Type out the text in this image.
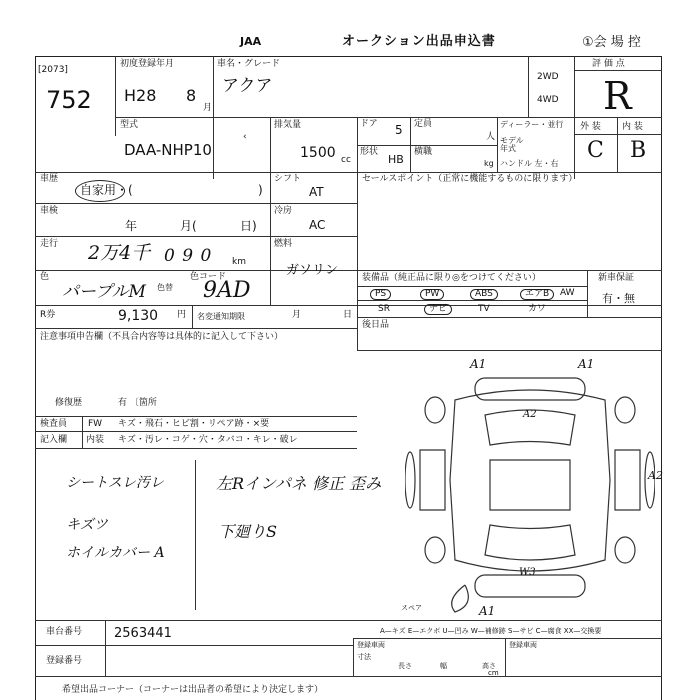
JAA	オークション出品申込書	①会 場 控
[2073]
752
初度登録年月
H28 8
月
車名・グレード
アクア	2WD
4WD
評 価 点
R
型式
DAA-NHP10
‹
排気量
1500 cc
ドア 5 定員
人
形状
HB
横職
kg
ディーラー・並行
モデル年式
ハンドル 左・右
外 装 内 装
C B
車歴
自家用・(	)
シフト
AT
車検
年	月(	日)
冷房
AC
走行 2万4千 0 9 0 km
燃料
ガソリン
色
パープルM 色替
色コード
9AD
R券	9,130 円 名変通知期限	月	日
セールスポイント（正常に機能するものに限ります）
装備品（純正品に限り◎をつけてください）	新車保証
有・無
PS	PW	ABS	エアB	AW
SR	ナビ	TV	カワ
後日品
注意事項申告欄（不具合内容等は具体的に記入して下さい）
修復歴	有 〔箇所
検査員
記入欄
FW
内装
キズ・飛石・ヒビ割・リペア跡・×要
キズ・汚レ・コゲ・穴・タバコ・キレ・破レ
シートスレ汚レ
キズツ
ホイルカバー A
左Rインパネ 修正 歪み
下廻りS
A1	A1
A2
A2
W3
A1
スペア
A—キズ E—エクボ U—凹み W—補修跡 S—サビ C—腐食 XX—交換要
車台番号 2563441
登録番号
登録車両
寸法
登録車両
長さ	幅	高さ
cm
希望出品コーナー（コーナーは出品者の希望により決定します）
